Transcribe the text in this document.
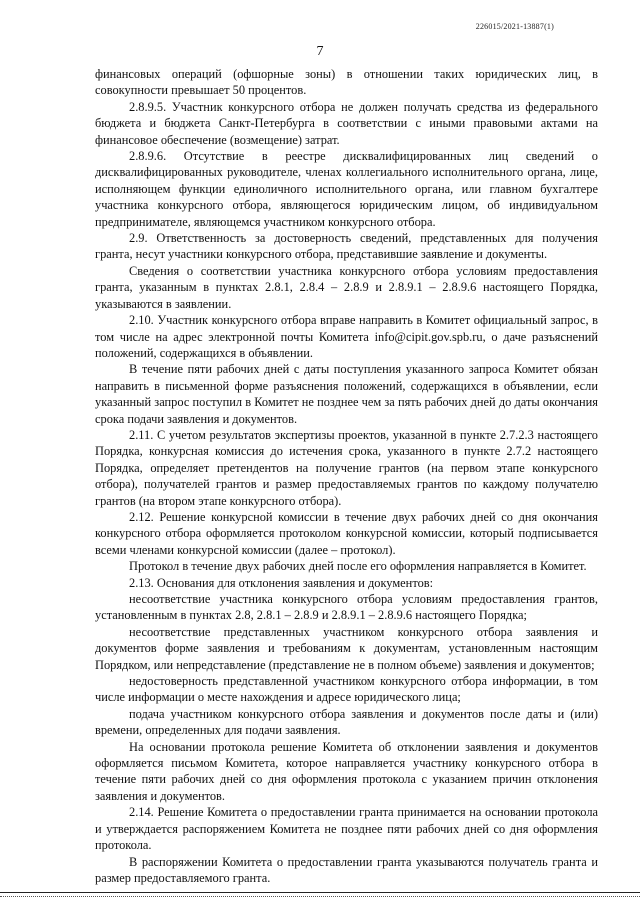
226015/2021-13887(1)
7

финансовых операций (офшорные зоны) в отношении таких юридических лиц, в совокупности превышает 50 процентов.

2.8.9.5. Участник конкурсного отбора не должен получать средства из федерального бюджета и бюджета Санкт-Петербурга в соответствии с иными правовыми актами на финансовое обеспечение (возмещение) затрат.

2.8.9.6. Отсутствие в реестре дисквалифицированных лиц сведений о дисквалифицированных руководителе, членах коллегиального исполнительного органа, лице, исполняющем функции единоличного исполнительного органа, или главном бухгалтере участника конкурсного отбора, являющегося юридическим лицом, об индивидуальном предпринимателе, являющемся участником конкурсного отбора.

2.9. Ответственность за достоверность сведений, представленных для получения гранта, несут участники конкурсного отбора, представившие заявление и документы.

Сведения о соответствии участника конкурсного отбора условиям предоставления гранта, указанным в пунктах 2.8.1, 2.8.4 – 2.8.9 и 2.8.9.1 – 2.8.9.6 настоящего Порядка, указываются в заявлении.

2.10. Участник конкурсного отбора вправе направить в Комитет официальный запрос, в том числе на адрес электронной почты Комитета info@cipit.gov.spb.ru, о даче разъяснений положений, содержащихся в объявлении.

В течение пяти рабочих дней с даты поступления указанного запроса Комитет обязан направить в письменной форме разъяснения положений, содержащихся в объявлении, если указанный запрос поступил в Комитет не позднее чем за пять рабочих дней до даты окончания срока подачи заявления и документов.

2.11. С учетом результатов экспертизы проектов, указанной в пункте 2.7.2.3 настоящего Порядка, конкурсная комиссия до истечения срока, указанного в пункте 2.7.2 настоящего Порядка, определяет претендентов на получение грантов (на первом этапе конкурсного отбора), получателей грантов и размер предоставляемых грантов по каждому получателю грантов (на втором этапе конкурсного отбора).

2.12. Решение конкурсной комиссии в течение двух рабочих дней со дня окончания конкурсного отбора оформляется протоколом конкурсной комиссии, который подписывается всеми членами конкурсной комиссии (далее – протокол).

Протокол в течение двух рабочих дней после его оформления направляется в Комитет.

2.13. Основания для отклонения заявления и документов:

несоответствие участника конкурсного отбора условиям предоставления грантов, установленным в пунктах 2.8, 2.8.1 – 2.8.9 и 2.8.9.1 – 2.8.9.6 настоящего Порядка;

несоответствие представленных участником конкурсного отбора заявления и документов форме заявления и требованиям к документам, установленным настоящим Порядком, или непредставление (представление не в полном объеме) заявления и документов;

недостоверность представленной участником конкурсного отбора информации, в том числе информации о месте нахождения и адресе юридического лица;

подача участником конкурсного отбора заявления и документов после даты и (или) времени, определенных для подачи заявления.

На основании протокола решение Комитета об отклонении заявления и документов оформляется письмом Комитета, которое направляется участнику конкурсного отбора в течение пяти рабочих дней со дня оформления протокола с указанием причин отклонения заявления и документов.

2.14. Решение Комитета о предоставлении гранта принимается на основании протокола и утверждается распоряжением Комитета не позднее пяти рабочих дней со дня оформления протокола.

В распоряжении Комитета о предоставлении гранта указываются получатель гранта и размер предоставляемого гранта.
